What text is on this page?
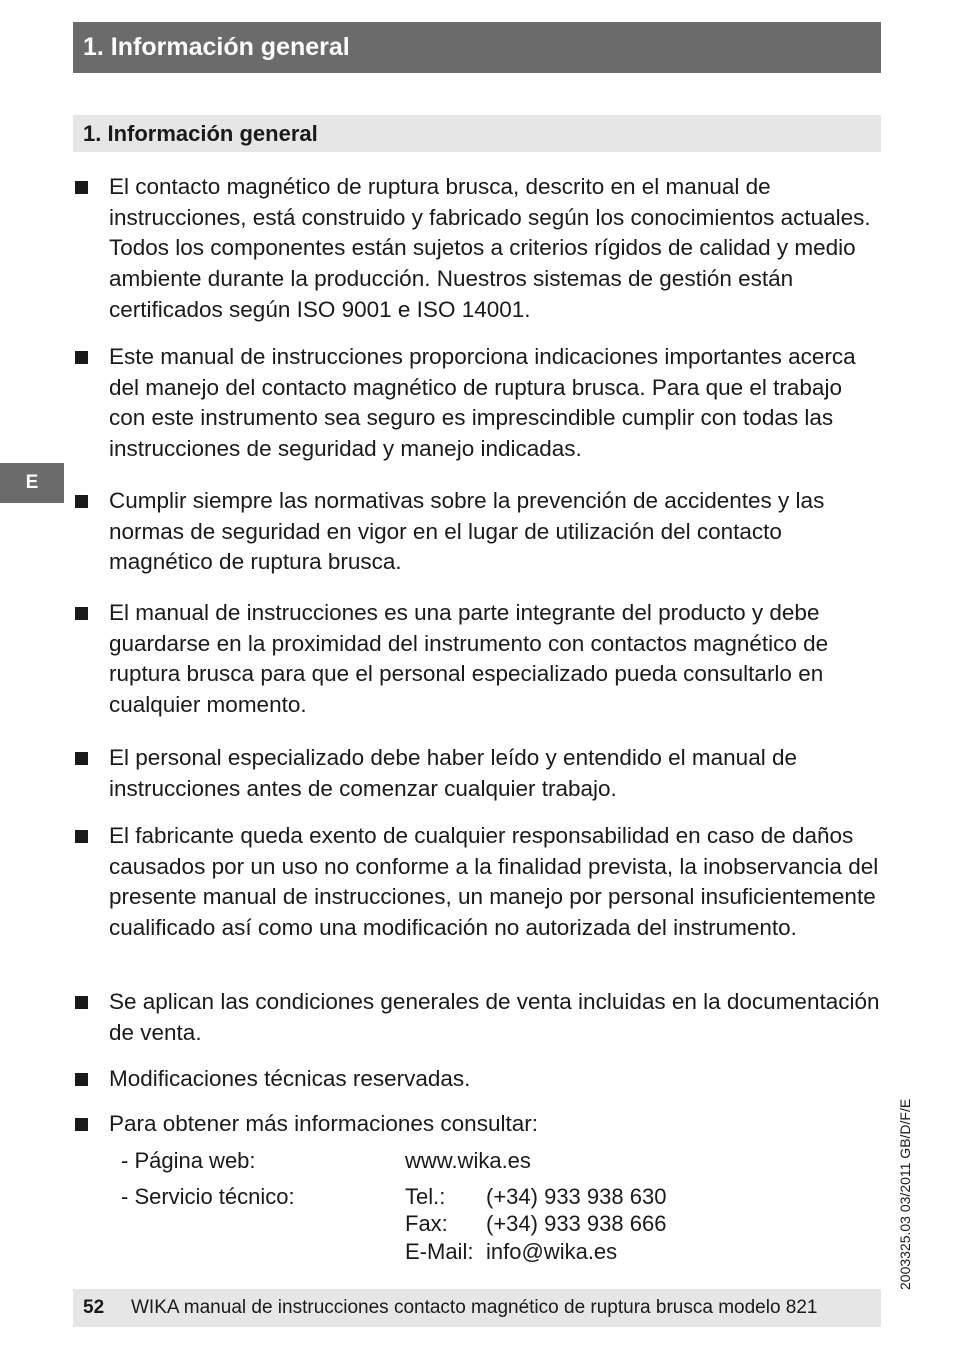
1. Información general
1. Información general
E
El contacto magnético de ruptura brusca, descrito en el manual de instrucciones, está construido y fabricado según los conocimientos actuales. Todos los componentes están sujetos a criterios rígidos de calidad y medio ambiente durante la producción. Nuestros sistemas de gestión están certificados según ISO 9001 e ISO 14001.
Este manual de instrucciones proporciona indicaciones importantes acerca del manejo del contacto magnético de ruptura brusca. Para que el trabajo con este instrumento sea seguro es imprescindible cumplir con todas las instrucciones de seguridad y manejo indicadas.
Cumplir siempre las normativas sobre la prevención de accidentes y las normas de seguridad en vigor en el lugar de utilización del contacto magnético de ruptura brusca.
El manual de instrucciones es una parte integrante del producto y debe guardarse en la proximidad del instrumento con contactos magnético de ruptura brusca para que el personal especializado pueda consultarlo en cualquier momento.
El personal especializado debe haber leído y entendido el manual de instrucciones antes de comenzar cualquier trabajo.
El fabricante queda exento de cualquier responsabilidad en caso de daños causados por un uso no conforme a la finalidad prevista, la inobservancia del presente manual de instrucciones, un manejo por personal insuficientemente cualificado así como una modificación no autorizada del instrumento.
Se aplican las condiciones generales de venta incluidas en la documentación de venta.
Modificaciones técnicas reservadas.
Para obtener más informaciones consultar:
- Página web:	www.wika.es
- Servicio técnico:	Tel.: (+34) 933 938 630
Fax: (+34) 933 938 666
E-Mail: info@wika.es	2003325.03 03/2011 GB/D/F/E
52 WIKA manual de instrucciones contacto magnético de ruptura brusca modelo 821
